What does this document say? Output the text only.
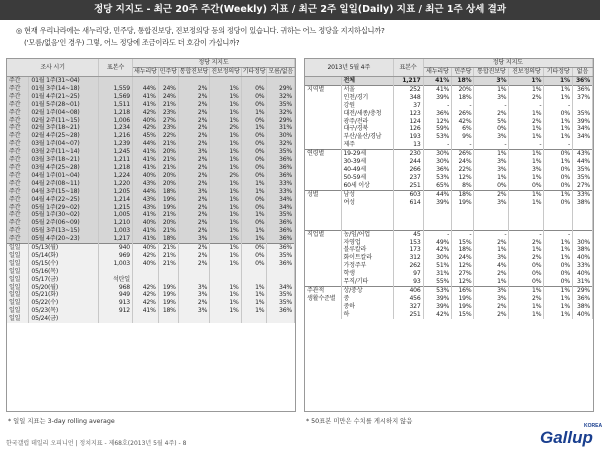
정당 지지도 - 최근 20주 주간(Weekly) 지표 / 최근 2주 일일(Daily) 지표 / 최근 1주 상세 결과
◎ 현재 우리나라에는 새누리당, 민주당, 통합진보당, 진보정의당 등의 정당이 있습니다. 귀하는 어느 정당을 지지하십니까?
('모름/없음'인 경우) 그렇, 어느 정당에 조금이라도 더 호감이 가십니까?
조사 시기		표본수	정당 지지도					
			새누리당	민주당	통합진보당	진보정의당	기타정당	모름/없음
주간	01월 1주(31~04)							
주간	01월 3주(14~18)	1,559	44%	24%	2%	1%	0%	29%
주간	01월 4주(21~25)	1,569	41%	24%	2%	1%	0%	32%
주간	01월 5주(28~01)	1,511	41%	21%	2%	1%	0%	35%
주간	02월 1주(04~08)	1,218	42%	23%	2%	1%	1%	32%
주간	02월 2주(11~15)	1,006	40%	27%	2%	1%	0%	29%
주간	02월 3주(18~21)	1,234	42%	23%	2%	2%	1%	31%
주간	02월 4주(25~28)	1,216	45%	22%	2%	1%	0%	30%
주간	03월 1주(04~07)	1,239	44%	21%	2%	1%	0%	32%
주간	03월 2주(11~14)	1,245	41%	20%	3%	1%	0%	35%
주간	03월 3주(18~21)	1,211	41%	21%	2%	1%	0%	36%
주간	03월 4주(25~28)	1,218	41%	21%	2%	1%	0%	36%
주간	04월 1주(01~04)	1,224	40%	20%	2%	2%	0%	36%
주간	04월 2주(08~11)	1,220	43%	20%	2%	1%	1%	33%
주간	04월 3주(15~18)	1,205	44%	18%	3%	1%	1%	33%
주간	04월 4주(22~25)	1,214	43%	19%	2%	1%	0%	34%
주간	05월 1주(29~02)	1,215	43%	19%	2%	1%	0%	34%
주간	05월 1주(30~02)	1,005	41%	21%	2%	1%	1%	35%
주간	05월 2주(06~09)	1,210	40%	20%	2%	1%	0%	36%
주간	05월 3주(13~15)	1,003	41%	21%	2%	1%	1%	36%
주간	05월 4주(20~23)	1,217	41%	18%	3%	1%	1%	36%
일일	05/13(월)	940	40%	21%	2%	1%	0%	36%
일일	05/14(화)	969	42%	21%	2%	1%	0%	35%
일일	05/15(수)	1,003	40%	21%	2%	1%	0%	36%
일일	05/16(목)							
일일	05/17(금)	석탄일						
일일	05/20(월)	968	42%	19%	3%	1%	1%	34%
일일	05/21(화)	949	42%	19%	3%	1%	1%	35%
일일	05/22(수)	913	42%	19%	2%	1%	1%	35%
일일	05/23(목)	912	41%	18%	3%	1%	1%	36%
일일	05/24(금)							
* 일일 지표는 3-day rolling average
2013년 5월 4주		표본수	정당 지지도					
			새누리당	민주당	통합진보당	진보정의당	기타정당	없음
	전체	1,217	41%	18%	3%	1%	1%	36%
지역별	서울	252	41%	20%	1%	1%	1%	36%
	인천/경기	348	39%	18%	3%	2%	1%	37%
	강원	37	-	-	-	-	-	
	대전/세종/충청	123	36%	26%	2%	1%	0%	35%
	광주/전라	124	12%	42%	5%	2%	1%	39%
	대구/경북	126	59%	6%	0%	1%	1%	34%
	부산/울산/경남	193	53%	9%	3%	1%	1%	34%
	제주	13	-	-	-	-	-	
연령별	19-29세	230	30%	26%	1%	1%	0%	43%
	30-39세	244	30%	24%	3%	1%	1%	44%
	40-49세	266	36%	22%	3%	3%	0%	35%
	50-59세	237	53%	12%	1%	1%	0%	35%
	60세 이상	251	65%	8%	0%	0%	0%	27%
성별	남성	603	44%	18%	2%	1%	1%	33%
	여성	614	39%	19%	3%	1%	0%	38%

직업별	농/임/어업	45	-	-	-	-	-	
	자영업	153	49%	15%	2%	2%	1%	30%
	블루칼라	173	42%	18%	1%	1%	1%	38%
	화이트칼라	312	30%	24%	3%	2%	1%	40%
	가정주부	262	51%	12%	4%	0%	0%	33%
	학생	97	31%	27%	2%	0%	0%	40%
	무직/기타	93	55%	12%	1%	0%	0%	31%
주관적	상/중상	406	53%	16%	3%	1%	1%	29%
생활수준별	중	456	39%	19%	3%	2%	1%	36%
	중하	327	39%	19%	2%	1%	1%	38%
	하	251	42%	15%	2%	1%	1%	40%
* 50표본 미만은 수치를 게시하지 않음
한국갤럽 데일리 오피니언 | 정치지표 - 제68호(2013년 5월 4주) - 8	Gallup
KOREA
